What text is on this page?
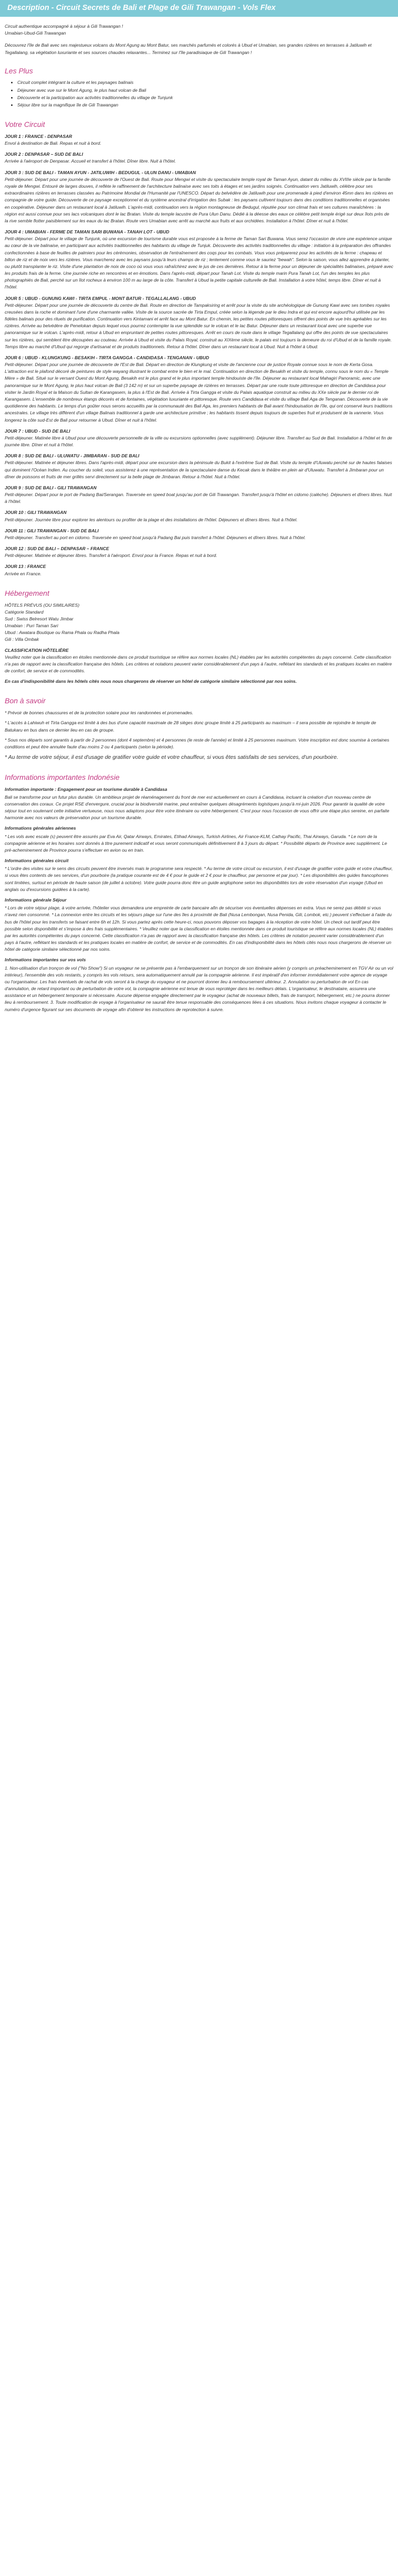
Description - Circuit Secrets de Bali et Plage de Gili Trawangan - Vols Flex

Circuit authentique accompagné à séjour à Gili Trawangan !

Umabian-Ubud-Gili Trawangan

Découvrez l'île de Bali avec ses majestueux volcans du Mont Agung au Mont Batur, ses marchés parfumés et colorés à Ubud et Umabian, ses grandes rizières en terrasses à Jatiluwih et Tegallalang, sa végétation luxuriante et ses sources chaudes relaxantes... Terminez sur l'île paradisiaque de Gili Trawangan !

Les Plus
• Circuit complet intégrant la culture et les paysages balinais
• Déjeuner avec vue sur le Mont Agung, le plus haut volcan de Bali
• Découverte et la participation aux activités traditionnelles du village de Tunjunk
• Séjour libre sur la magnifique île de Gili Trawangan
Votre Circuit
JOUR 1 : FRANCE - DENPASAR
Envol à destination de Bali. Repas et nuit à bord.
JOUR 2 : DENPASAR – SUD DE BALI
Arrivée à l'aéroport de Denpasar. Accueil et transfert à l'hôtel. Dîner libre. Nuit à l'hôtel.
JOUR 3 : SUD DE BALI - TAMAN AYUN - JATILUWIH - BEDUGUL - ULUN DANU - UMABIAN
Petit-déjeuner. Départ pour une journée de découverte de l'Ouest de Bali. Route pour Mengwi et visite du spectaculaire temple royal de Taman Ayun, datant du milieu du XVIIIe siècle par la famille royale de Mengwi. Entouré de larges douves, il reflète le raffinement de l'architecture balinaise avec ses toits à étages et ses jardins soignés. Continuation vers Jatiluwih, célèbre pour ses extraordinaires rizières en terrasses classées au Patrimoine Mondial de l'Humanité par l'UNESCO. Départ du belvédère de Jatiluwih pour une promenade à pied d'environ 45mn dans les rizières en compagnie de votre guide. Découverte de ce paysage exceptionnel et du système ancestral d'irrigation des Subak : les paysans cultivent toujours dans des conditions traditionnelles et organisées en coopérative. Déjeuner dans un restaurant local à Jatiluwih. L'après-midi, continuation vers la région montagneuse de Bedugul, réputée pour son climat frais et ses cultures maraîchères : la région est aussi connue pour ses lacs volcaniques dont le lac Bratan. Visite du temple lacustre de Pura Ulun Danu. Dédié à la déesse des eaux ce célèbre petit temple érigé sur deux îlots près de la rive semble flotter paisiblement sur les eaux du lac Bratan. Route vers Umabian avec arrêt au marché aux fruits et aux orchidées. Installation à l'hôtel. Dîner et nuit à l'hôtel.
JOUR 4 : UMABIAN - FERME DE TAMAN SARI BUWANA - TANAH LOT - UBUD
Petit-déjeuner. Départ pour le village de Tunjunk, où une excursion de tourisme durable vous est proposée à la ferme de Taman Sari Buwana. Vous serez l'occasion de vivre une expérience unique au cœur de la vie balinaise, en participant aux activités traditionnelles des habitants du village de Tunjuk. Découverte des activités traditionnelles du village : initiation à la préparation des offrandes confectionnées à base de feuilles de palmiers pour les cérémonies, observation de l'entraînement des coqs pour les combats. Vous vous préparerez pour les activités de la ferme : chapeau et billon de riz et de noix vers les rizières. Vous marcherez avec les paysans jusqu'à leurs champs de riz ; lentement comme vous le sauriez "bewah". Selon la saison, vous allez apprendre à planter, ou plutôt transplanter le riz. Visite d'une plantation de noix de coco où vous vous rafraîchirez avec le jus de ces dernières. Retour à la ferme pour un déjeuner de spécialités balinaises, préparé avec les produits frais de la ferme. Une journée riche en rencontres et en émotions. Dans l'après-midi, départ pour Tanah Lot. Visite du temple marin Pura Tanah Lot, l'un des temples les plus photographiés de Bali, perché sur un îlot rocheux à environ 100 m au large de la côte. Transfert à Ubud la petite capitale culturelle de Bali. Installation à votre hôtel, temps libre. Dîner et nuit à l'hôtel.
JOUR 5 : UBUD - GUNUNG KAWI - TIRTA EMPUL - MONT BATUR - TEGALLALANG - UBUD
Petit-déjeuner. Départ pour une journée de découverte du centre de Bali. Route en direction de Tampaksiring et arrêt pour la visite du site archéologique de Gunung Kawi avec ses tombes royales creusées dans la roche et dominant l'une d'une charmante vallée. Visite de la source sacrée de Tirta Empul, créée selon la légende par le dieu Indra et qui est encore aujourd'hui utilisée par les fidèles balinais pour des rituels de purification. Continuation vers Kintamani et arrêt face au Mont Batur. En chemin, les petites routes pittoresques offrent des points de vue très agréables sur les rizières. Arrivée au belvédère de Penelokan depuis lequel vous pourrez contempler la vue splendide sur le volcan et le lac Batur. Déjeuner dans un restaurant local avec une superbe vue panoramique sur le volcan. L'après-midi, retour à Ubud en empruntant de petites routes pittoresques. Arrêt en cours de route dans le village Tegallalang qui offre des points de vue spectaculaires sur les rizières, qui semblent être découpées au couteau. Arrivée à Ubud et visite du Palais Royal, construit au XIXème siècle, le palais est toujours la demeure du roi d'Ubud et de la famille royale. Temps libre au marché d'Ubud qui regorge d'artisanat et de produits traditionnels. Retour à l'hôtel. Dîner dans un restaurant local à Ubud. Nuit à l'hôtel à Ubud.
JOUR 6 : UBUD - KLUNGKUNG - BESAKIH - TIRTA GANGGA - CANDIDASA - TENGANAN - UBUD
Petit-déjeuner. Départ pour une journée de découverte de l'Est de Bali. Départ en direction de Klungkung et visite de l'ancienne cour de justice Royale connue sous le nom de Kerta Gosa. L'attraction est le plafond décoré de peintures de style wayang illustrant le combat entre le bien et le mal. Continuation en direction de Besakih et visite du temple, connu sous le nom du « Temple Mère » de Bali. Situé sur le versant Ouest du Mont Agung, Besakih est le plus grand et le plus important temple hindouiste de l'île. Déjeuner au restaurant local Mahagiri Panoramic, avec une panoramique sur le Mont Agung, le plus haut volcan de Bali (3 142 m) et sur un superbe paysage de rizières en terrasses. Départ par une route toute pittoresque en direction de Candidasa pour visiter le Jardin Royal et la Maison du Sultan de Karangasem, la plus à l'Est de Bali. Arrivée à Tirta Gangga et visite du Palais aquatique construit au milieu du XXe siècle par le dernier roi de Karangasem. L'ensemble de nombreux étangs décorés et de fontaines, végétation luxuriante et pittoresque. Route vers Candidasa et visite du village Bali Aga de Tenganan. Découverte de la vie quotidienne des habitants. Le temps d'un goûter nous serons accueillis par la communauté des Bali Aga, les premiers habitants de Bali avant l'hindouisation de l'île, qui ont conservé leurs traditions ancestrales. Le village très différent d'un village Balinais traditionnel à garde une architecture primitive ; les habitants tissent depuis toujours de superbes fruit et produisent de la vannerie. Vous longerez la côte sud-Est de Bali pour retourner à Ubud. Dîner et nuit à l'hôtel.
JOUR 7 : UBUD - SUD DE BALI
Petit-déjeuner. Matinée libre à Ubud pour une découverte personnelle de la ville ou excursions optionnelles (avec supplément). Déjeuner libre. Transfert au Sud de Bali. Installation à l'hôtel et fin de journée libre. Dîner et nuit à l'hôtel.
JOUR 8 : SUD DE BALI - ULUWATU - JIMBARAN - SUD DE BALI
Petit-déjeuner. Matinée et déjeuner libres. Dans l'après-midi, départ pour une excursion dans la péninsule du Bukit à l'extrême Sud de Bali. Visite du temple d'Uluwatu perché sur de hautes falaises qui dominent l'Océan Indien. Au coucher du soleil, vous assisterez à une représentation de la spectaculaire danse du Kecak dans le théâtre en plein air d'Uluwatu. Transfert à Jimbaran pour un dîner de poissons et fruits de mer grillés servi directement sur la belle plage de Jimbaran. Retour à l'hôtel. Nuit à l'hôtel.
JOUR 9 : SUD DE BALI - GILI TRAWANGAN
Petit-déjeuner. Départ pour le port de Padang Bai/Serangan. Traversée en speed boat jusqu'au port de Gili Trawangan. Transfert jusqu'à l'hôtel en cidomo (calèche). Déjeuners et dîners libres. Nuit à l'hôtel.
JOUR 10 : GILI TRAWANGAN
Petit-déjeuner. Journée libre pour explorer les alentours ou profiter de la plage et des installations de l'hôtel. Déjeuners et dîners libres. Nuit à l'hôtel.
JOUR 11 : GILI TRAWANGAN - SUD DE BALI
Petit-déjeuner. Transfert au port en cidomo. Traversée en speed boat jusqu'à Padang Bai puis transfert à l'hôtel. Déjeuners et dîners libres. Nuit à l'hôtel.
JOUR 12 : SUD DE BALI – DENPASAR – FRANCE
Petit-déjeuner. Matinée et déjeuner libres. Transfert à l'aéroport. Envol pour la France. Repas et nuit à bord.
JOUR 13 : FRANCE
Arrivée en France.
Hébergement
HÔTELS PRÉVUS (OU SIMILAIRES)
Catégorie Standard
Sud : Swiss Belresort Watu Jimbar
Umabian : Puri Taman Sari
Ubud : Awatara Boutique ou Rama Phala ou Radha Phala
Gili : Villa Ombak
CLASSIFICATION HÔTELIÈRE
Veuillez noter que la classification en étoiles mentionnée dans ce produit touristique se réfère aux normes locales (NL) établies par les autorités compétentes du pays concerné. Cette classification n'a pas de rapport avec la classification française des hôtels. Les critères et notations peuvent varier considérablement d'un pays à l'autre, reflétant les standards et les pratiques locales en matière de confort, de service et de commodités.

En cas d'indisponibilité dans les hôtels cités nous nous chargerons de réserver un hôtel de catégorie similaire sélectionné par nos soins.

Bon à savoir

* Prévoir de bonnes chaussures et de la protection solaire pour les randonnées et promenades.

* L'accès à Lahiwuh et Tirta Gangga est limité à des bus d'une capacité maximale de 28 sièges donc groupe limité à 25 participants au maximum – il sera possible de rejoindre le temple de Batukaru en bus dans ce dernier lieu en cas de groupe.

* Sous nos départs sont garantis à partir de 2 personnes (dont 4 septembre) et 4 personnes (le reste de l'année) et limité à 25 personnes maximum. Votre inscription est donc soumise à certaines conditions et peut être annulée faute d'au moins 2 ou 4 participants (selon la période).

* Au terme de votre séjour, il est d'usage de gratifier votre guide et votre chauffeur, si vous êtes satisfaits de ses services, d'un pourboire.

Informations importantes Indonésie
Information importante : Engagement pour un tourisme durable à Candidasa
Bali se transforme pour un futur plus durable. Un ambitieux projet de réaménagement du front de mer est actuellement en cours à Candidasa, incluant la création d'un nouveau centre de conservation des coraux. Ce projet RSE d'envergure, crucial pour la biodiversité marine, peut entraîner quelques désagréments logistiques jusqu'à mi-juin 2026. Pour garantir la qualité de votre séjour tout en soutenant cette initiative vertueuse, nous nous adaptons pour être votre itinéraire ou votre hébergement. C'est pour nous l'occasion de vous offrir une étape plus sereine, en parfaite harmonie avec nos valeurs de préservation pour un tourisme durable.
Informations générales aériennes
* Les vols avec escale (s) peuvent être assurés par Eva Air, Qatar Airways, Emirates, Etihad Airways, Turkish Airlines, Air France-KLM, Cathay Pacific, Thai Airways, Garuda. * Le nom de la compagnie aérienne et les horaires sont donnés à titre purement indicatif et vous seront communiqués définitivement 8 à 3 jours du départ. * Possibilité départs de Province avec supplément. Le pré-acheminement de Province pourra s'effectuer en avion ou en train.
Informations générales circuit
* L'ordre des visites sur le sens des circuits peuvent être inversés mais le programme sera respecté. * Au terme de votre circuit ou excursion, il est d'usage de gratifier votre guide et votre chauffeur, si vous êtes contents de ses services, d'un pourboire (la pratique courante est de 4 € pour le guide et 2 € pour le chauffeur, par personne et par jour). * Les disponibilités des guides francophones sont limitées, surtout en période de haute saison (de juillet à octobre). Votre guide pourra donc être un guide anglophone selon les disponibilités lors de votre réservation d'un voyage (Ubud en anglais ou d'excursions guidées à la carte).
Informations générale Séjour
* Lors de votre séjour plage, à votre arrivée, l'hôtelier vous demandera une empreinte de carte bancaire afin de sécuriser vos éventuelles dépenses en extra. Vous ne serez pas débité si vous n'avez rien consommé. * La connexion entre les circuits et les séjours plage sur l'une des îles à proximité de Bali (Nusa Lembongan, Nusa Penida, Gili, Lombok, etc.) peuvent s'effectuer à l'aide du bus de l'hôtel pour les transferts se faisant entre 6h et 12h. Si vous partez après cette heure-ci, nous pouvons déposer vos bagages à la réception de votre hôtel. Un check out tardif peut être possible selon disponibilité et s'impose à des frais supplémentaires. * Veuillez noter que la classification en étoiles mentionnée dans ce produit touristique se réfère aux normes locales (NL) établies par les autorités compétentes du pays concerné. Cette classification n'a pas de rapport avec la classification française des hôtels. Les critères de notation peuvent varier considérablement d'un pays à l'autre, reflétant les standards et les pratiques locales en matière de confort, de service et de commodités. En cas d'indisponibilité dans les hôtels cités nous nous chargerons de réserver un hôtel de catégorie similaire sélectionné par nos soins.
Informations importantes sur vos vols
1. Non-utilisation d'un tronçon de vol ("No Show") Si un voyageur ne se présente pas à l'embarquement sur un tronçon de son itinéraire aérien (y compris un préacheminement en TGV Air ou un vol intérieur), l'ensemble des vols restants, y compris les vols retours, sera automatiquement annulé par la compagnie aérienne. Il est impératif d'en informer immédiatement votre agence de voyage ou l'organisateur. Les frais éventuels de rachat de vols seront à la charge du voyageur et ne pourront donner lieu à remboursement ultérieur. 2. Annulation ou perturbation de vol En cas d'annulation, de retard important ou de perturbation de votre vol, la compagnie aérienne est tenue de vous reprotéger dans les meilleurs délais. L'organisateur, le destinataire, assurera une assistance et un hébergement temporaire si nécessaire. Aucune dépense engagée directement par le voyageur (achat de nouveaux billets, frais de transport, hébergement, etc.) ne pourra donner lieu à remboursement. 3. Toute modification de voyage à l'organisateur ne saurait être tenue responsable des conséquences liées à ces situations. Nous invitons chaque voyageur à contacter le numéro d'urgence figurant sur ses documents de voyage afin d'obtenir les instructions de reprotection à suivre.
